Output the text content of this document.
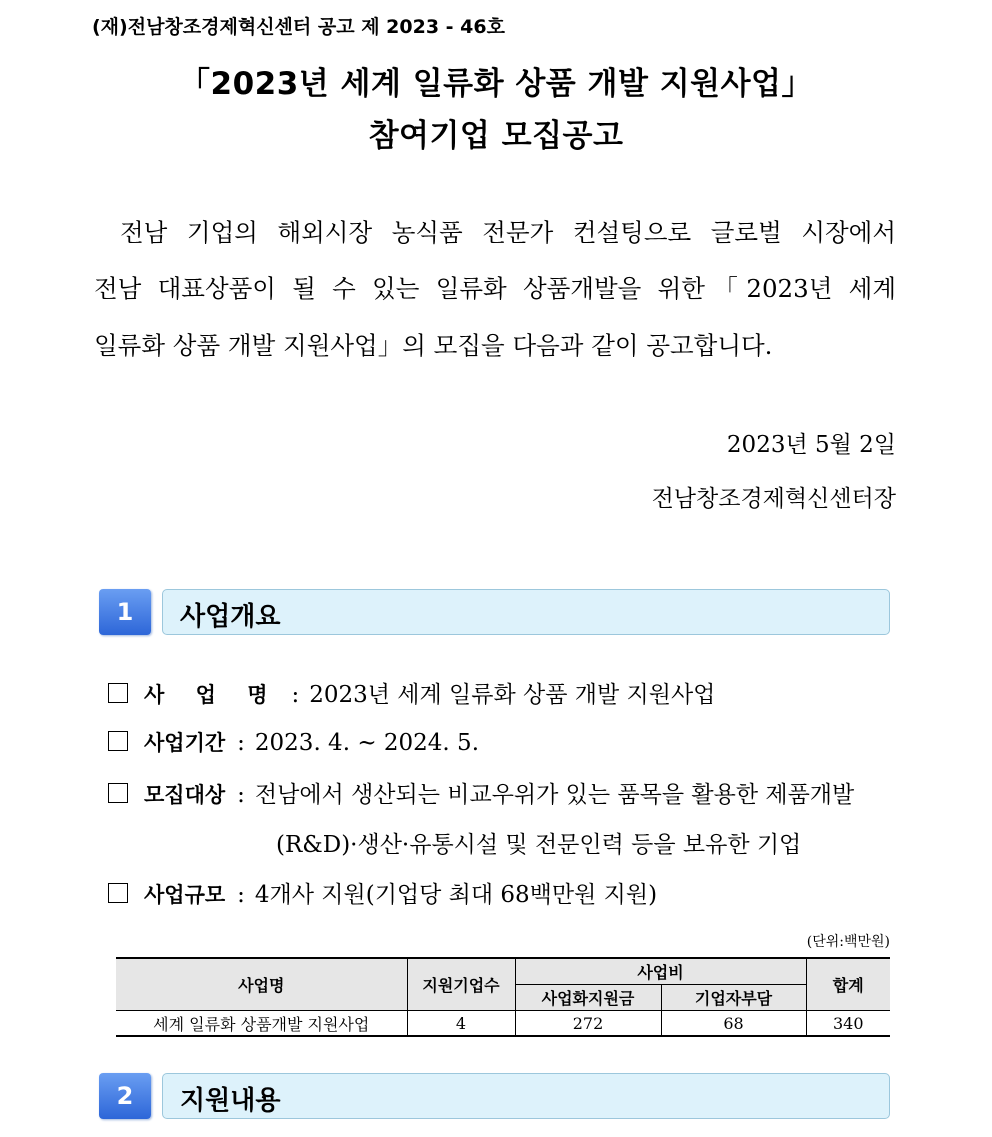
(재)전남창조경제혁신센터 공고 제 2023 - 46호
「2023년 세계 일류화 상품 개발 지원사업」
참여기업 모집공고
전남 기업의 해외시장 농식품 전문가 컨설팅으로 글로벌 시장에서
전남 대표상품이 될 수 있는 일류화 상품개발을 위한「2023년 세계
일류화 상품 개발 지원사업」의 모집을 다음과 같이 공고합니다.
2023년 5월 2일
전남창조경제혁신센터장
1	사업개요
사 업 명 : 2023년 세계 일류화 상품 개발 지원사업
사업기간 : 2023. 4. ~ 2024. 5.
모집대상 : 전남에서 생산되는 비교우위가 있는 품목을 활용한 제품개발
(R&D)·생산·유통시설 및 전문인력 등을 보유한 기업
사업규모 : 4개사 지원(기업당 최대 68백만원 지원)
(단위:백만원)
사업명	지원기업수	사업비		합계
		사업화지원금	기업자부담	
세계 일류화 상품개발 지원사업	4	272	68	340
2	지원내용
